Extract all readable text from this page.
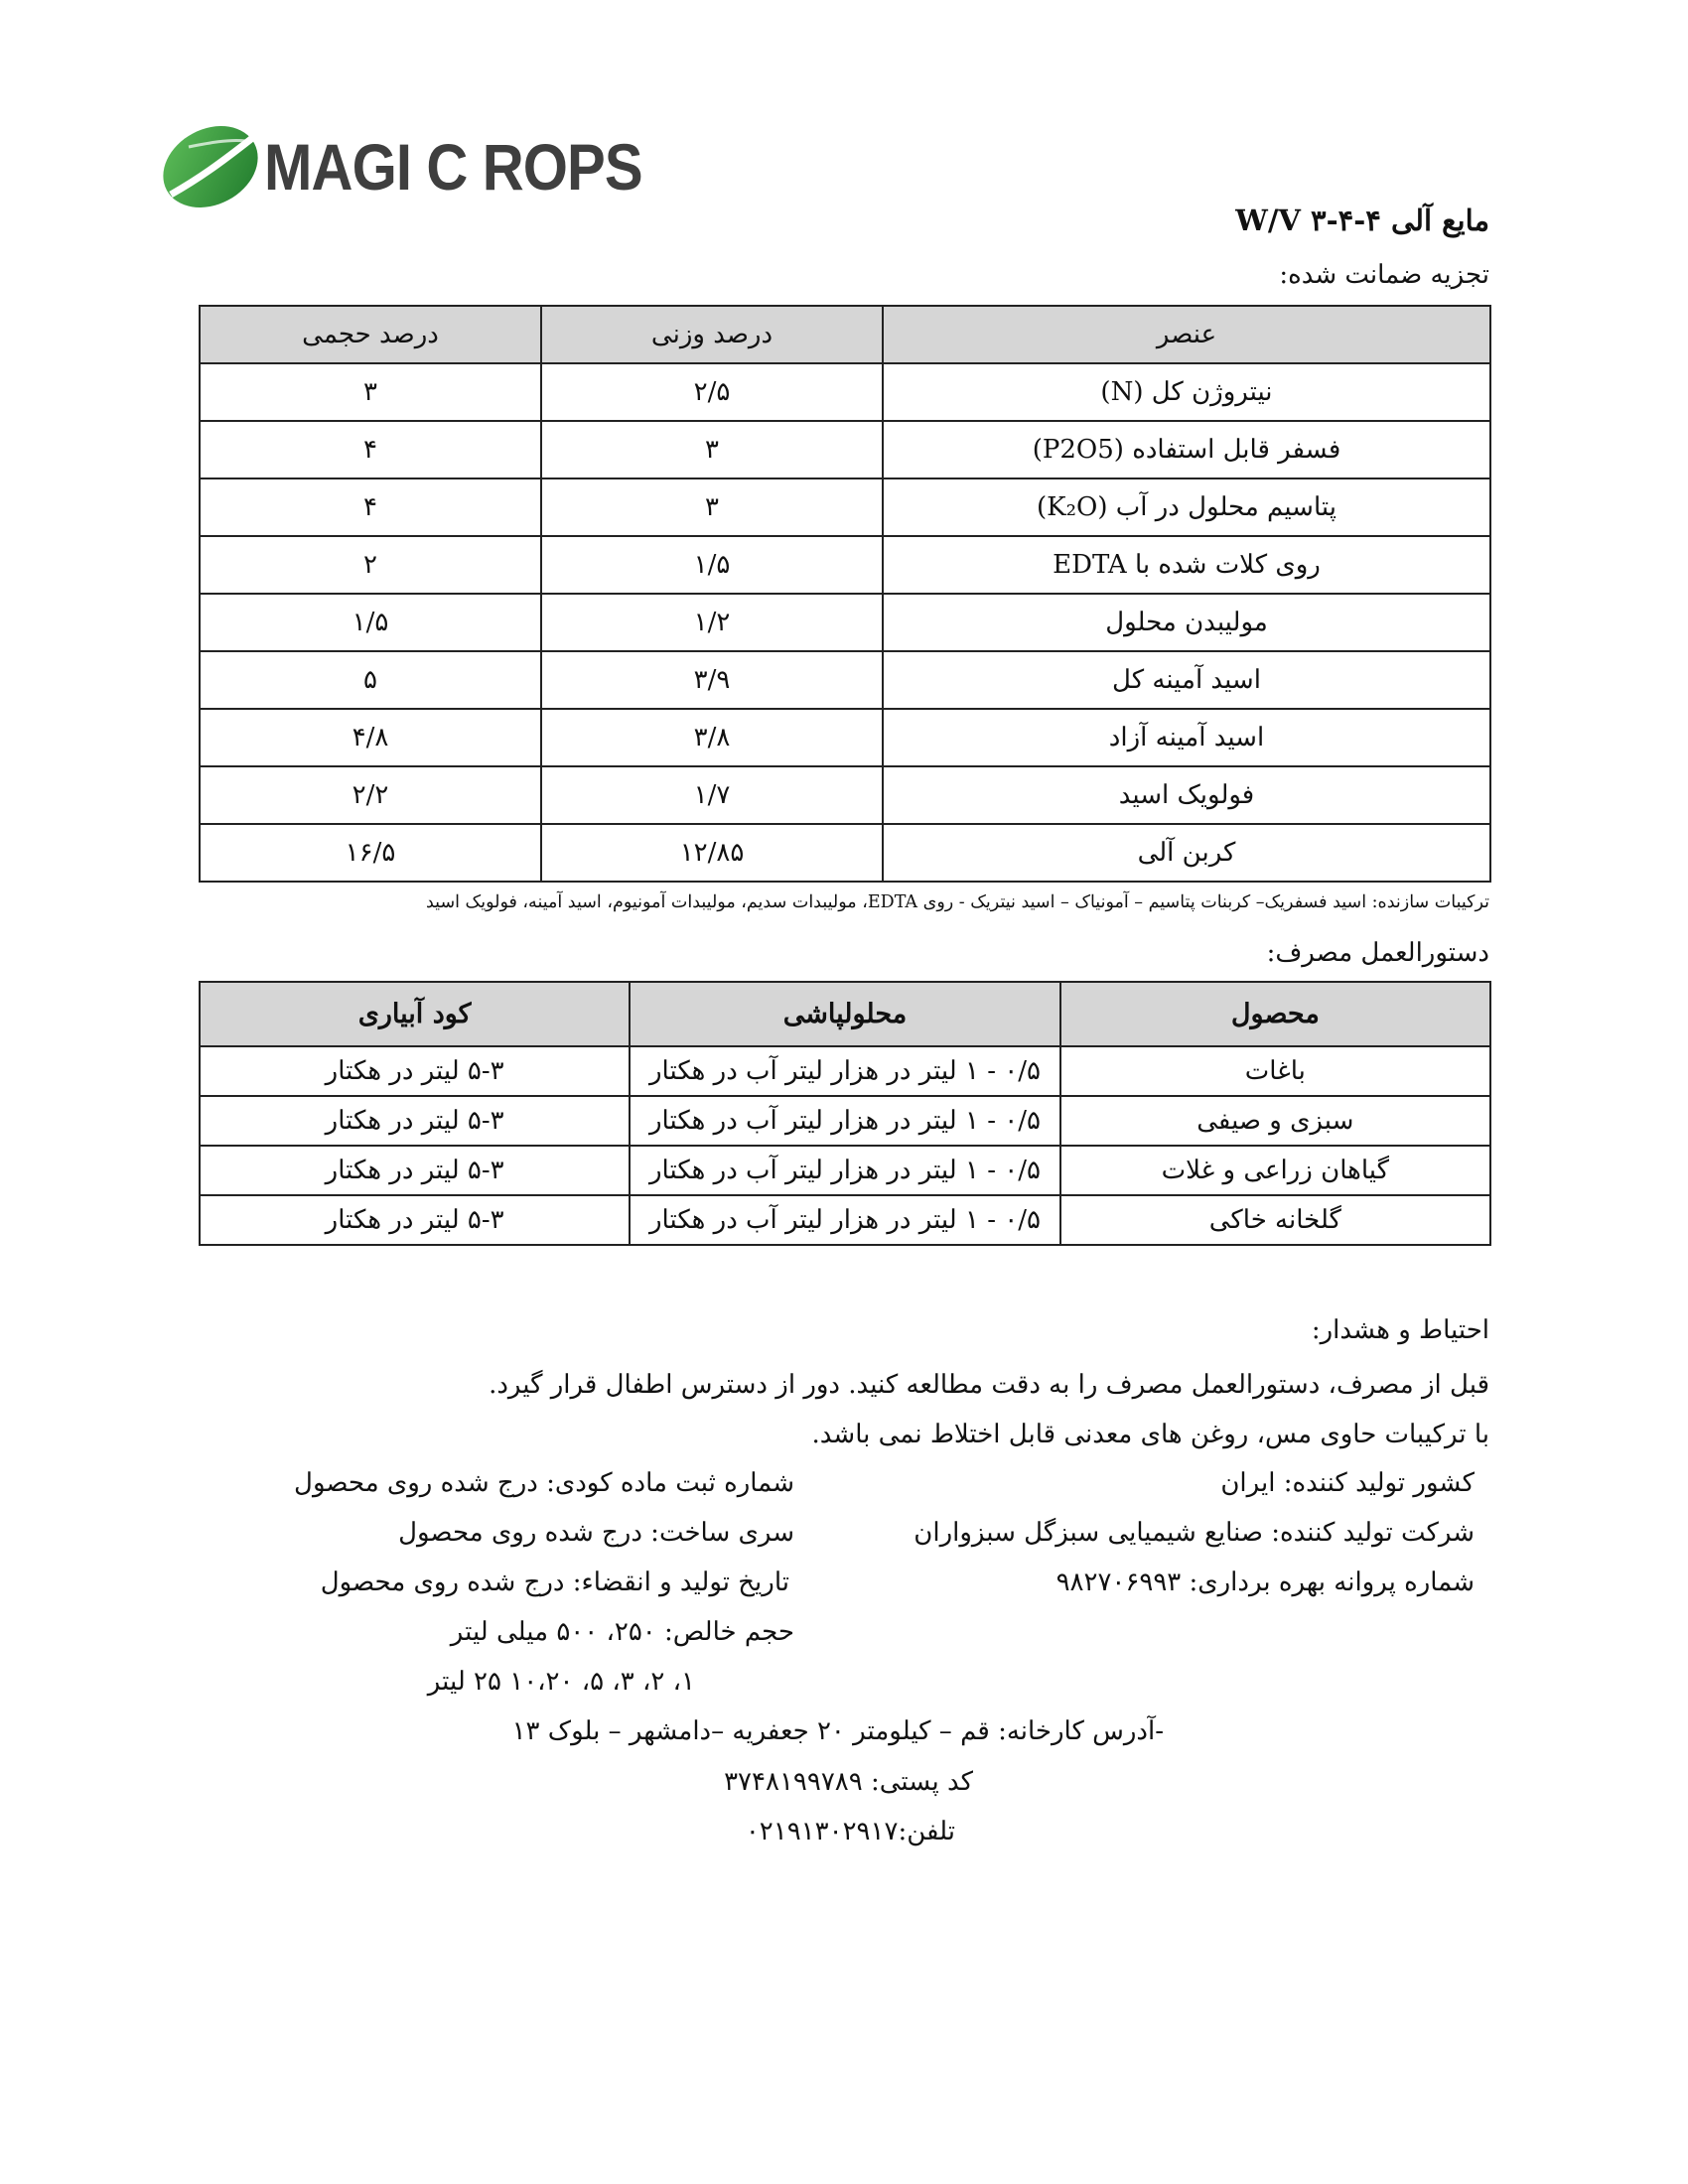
MAGI C ROPS
مایع آلی ۴-۴-۳ W/V
تجزیه ضمانت شده:
عنصر	درصد وزنی	درصد حجمی
نیتروژن کل (N)	۲/۵	۳
فسفر قابل استفاده (P2O5)	۳	۴
پتاسیم محلول در آب (K₂O)	۳	۴
روی کلات شده با EDTA	۱/۵	۲
مولیبدن محلول	۱/۲	۱/۵
اسید آمینه کل	۳/۹	۵
اسید آمینه آزاد	۳/۸	۴/۸
فولویک اسید	۱/۷	۲/۲
کربن آلی	۱۲/۸۵	۱۶/۵
ترکیبات سازنده: اسید فسفریک– کربنات پتاسیم – آمونیاک – اسید نیتریک - روی EDTA، مولیبدات سدیم، مولیبدات آمونیوم، اسید آمینه، فولویک اسید
دستورالعمل مصرف:
محصول	محلولپاشی	کود آبیاری
باغات	۰/۵ - ۱ لیتر در هزار لیتر آب در هکتار	۵-۳ لیتر در هکتار
سبزی و صیفی	۰/۵ - ۱ لیتر در هزار لیتر آب در هکتار	۵-۳ لیتر در هکتار
گیاهان زراعی و غلات	۰/۵ - ۱ لیتر در هزار لیتر آب در هکتار	۵-۳ لیتر در هکتار
گلخانه خاکی	۰/۵ - ۱ لیتر در هزار لیتر آب در هکتار	۵-۳ لیتر در هکتار
احتیاط و هشدار:
قبل از مصرف، دستورالعمل مصرف را به دقت مطالعه کنید. دور از دسترس اطفال قرار گیرد.
با ترکیبات حاوی مس، روغن های معدنی قابل اختلاط نمی باشد.
کشور تولید کننده: ایران
شرکت تولید کننده: صنایع شیمیایی سبزگل سبزواران
شماره پروانه بهره برداری: ۹۸۲۷۰۶۹۹۳
شماره ثبت ماده کودی: درج شده روی محصول
سری ساخت: درج شده روی محصول
تاریخ تولید و انقضاء: درج شده روی محصول
حجم خالص: ۲۵۰، ۵۰۰ میلی لیتر
۱، ۲، ۳، ۵، ۱۰،۲۰ ۲۵ لیتر
-آدرس کارخانه: قم – کیلومتر ۲۰ جعفریه –دامشهر – بلوک ۱۳
کد پستی: ۳۷۴۸۱۹۹۷۸۹
تلفن:۰۲۱۹۱۳۰۲۹۱۷
